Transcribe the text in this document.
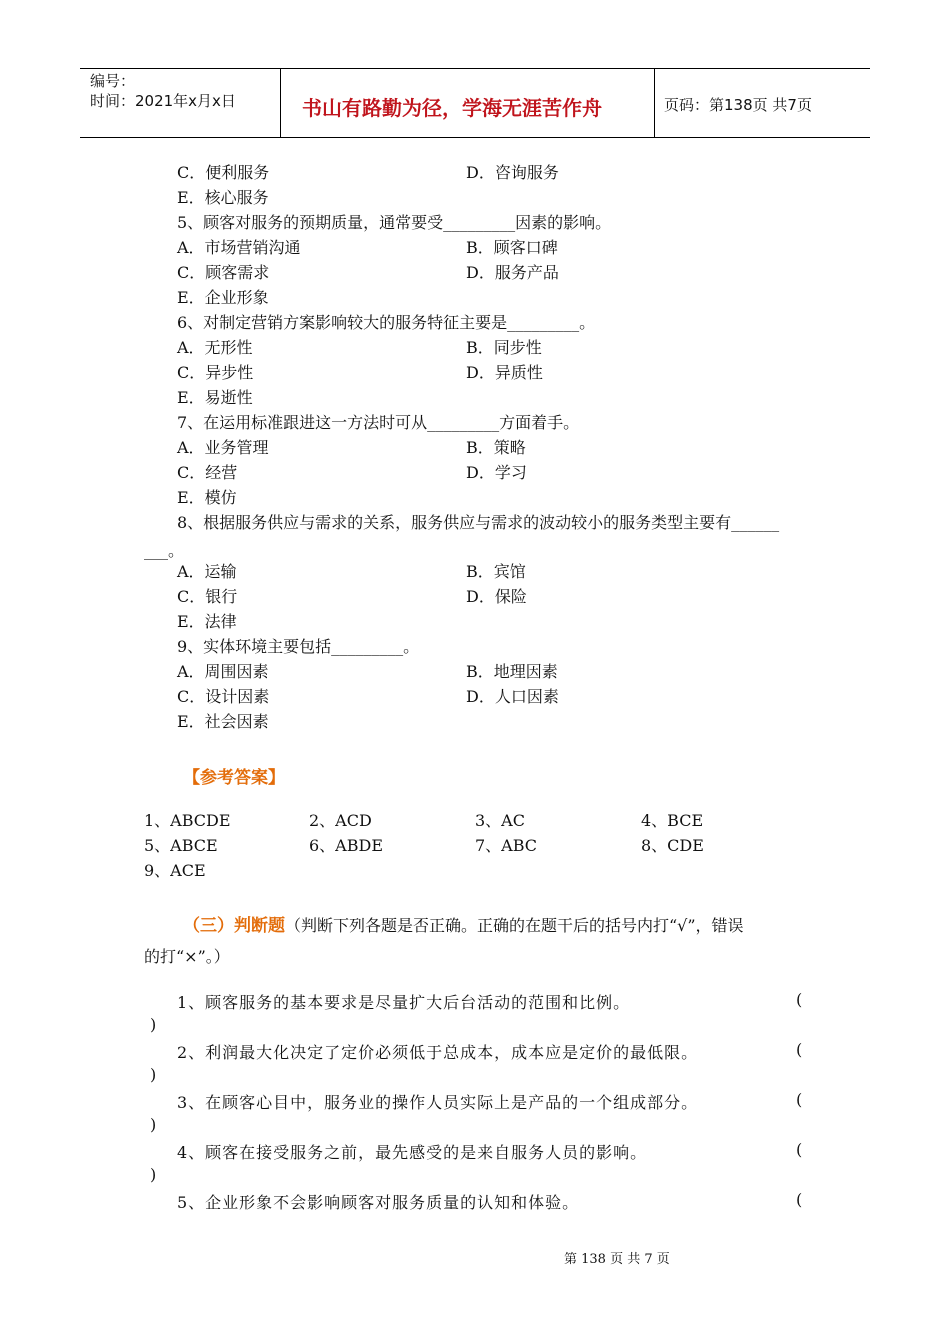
编号：
时间：2021年x月x日	书山有路勤为径，学海无涯苦作舟	页码：第138页 共7页
C．便利服务	D．咨询服务
E．核心服务
5、顾客对服务的预期质量，通常要受_________因素的影响。
A．市场营销沟通	B．顾客口碑
C．顾客需求	D．服务产品
E．企业形象
6、对制定营销方案影响较大的服务特征主要是_________。
A．无形性	B．同步性
C．异步性	D．异质性
E．易逝性
7、在运用标准跟进这一方法时可从_________方面着手。
A．业务管理	B．策略
C．经营	D．学习
E．模仿
8、根据服务供应与需求的关系，服务供应与需求的波动较小的服务类型主要有______
___。
A．运输	B．宾馆
C．银行	D．保险
E．法律
9、实体环境主要包括_________。
A．周围因素	B．地理因素
C．设计因素	D．人口因素
E．社会因素
【参考答案】
1、ABCDE	2、ACD	3、AC	4、BCE
5、ABCE	6、ABDE	7、ABC	8、CDE
9、ACE
（三）判断题（判断下列各题是否正确。正确的在题干后的括号内打“√”，错误
的打“×”。）
1、顾客服务的基本要求是尽量扩大后台活动的范围和比例。	(
)
2、利润最大化决定了定价必须低于总成本，成本应是定价的最低限。	(
)
3、在顾客心目中，服务业的操作人员实际上是产品的一个组成部分。	(
)
4、顾客在接受服务之前，最先感受的是来自服务人员的影响。	(
)
5、企业形象不会影响顾客对服务质量的认知和体验。	(
第 138 页 共 7 页
